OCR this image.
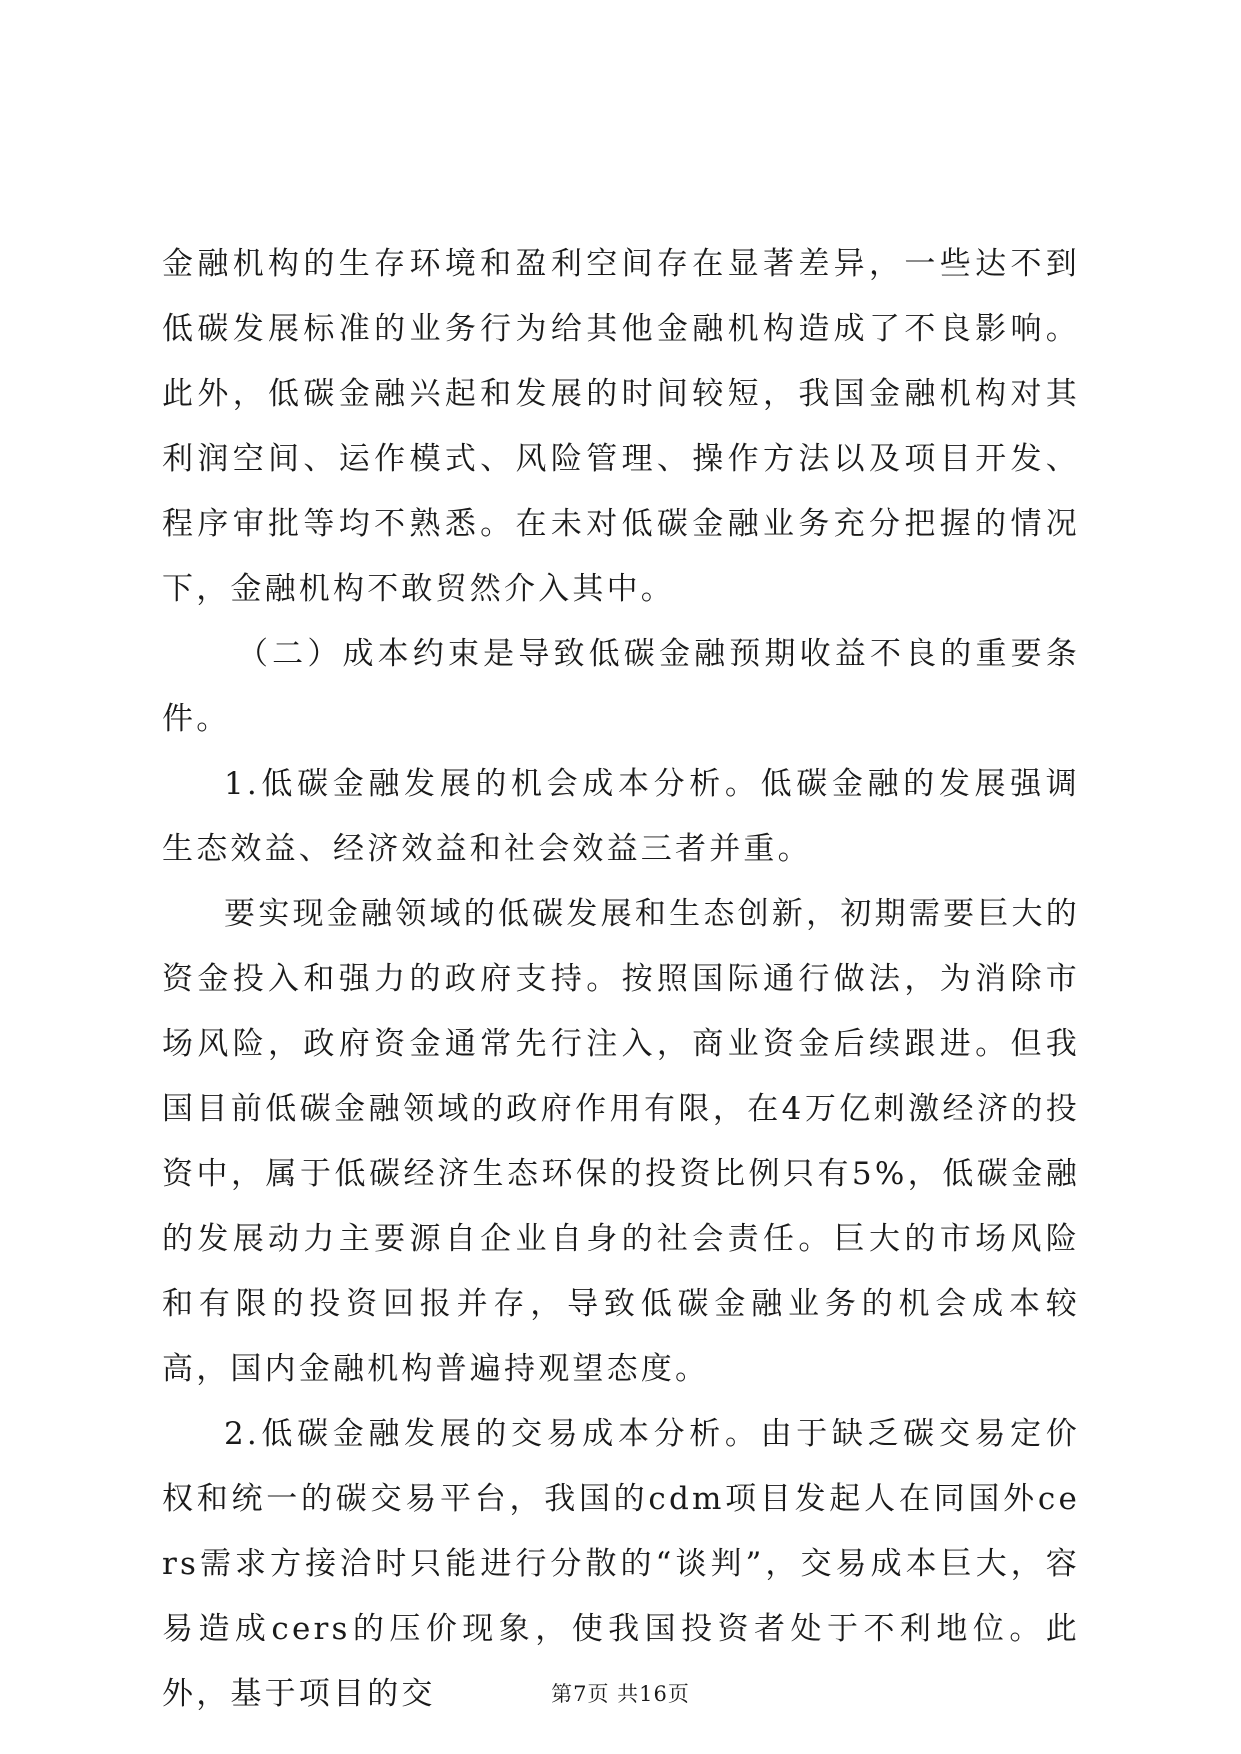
金融机构的生存环境和盈利空间存在显著差异，一些达不到低碳发展标准的业务行为给其他金融机构造成了不良影响。此外，低碳金融兴起和发展的时间较短，我国金融机构对其利润空间、运作模式、风险管理、操作方法以及项目开发、程序审批等均不熟悉。在未对低碳金融业务充分把握的情况下，金融机构不敢贸然介入其中。

（二）成本约束是导致低碳金融预期收益不良的重要条件。

1.低碳金融发展的机会成本分析。低碳金融的发展强调生态效益、经济效益和社会效益三者并重。

要实现金融领域的低碳发展和生态创新，初期需要巨大的资金投入和强力的政府支持。按照国际通行做法，为消除市场风险，政府资金通常先行注入，商业资金后续跟进。但我国目前低碳金融领域的政府作用有限，在4万亿刺激经济的投资中，属于低碳经济生态环保的投资比例只有5%，低碳金融的发展动力主要源自企业自身的社会责任。巨大的市场风险和有限的投资回报并存，导致低碳金融业务的机会成本较高，国内金融机构普遍持观望态度。

2.低碳金融发展的交易成本分析。由于缺乏碳交易定价权和统一的碳交易平台，我国的cdm项目发起人在同国外cers需求方接洽时只能进行分散的“谈判”，交易成本巨大，容易造成cers的压价现象，使我国投资者处于不利地位。此外，基于项目的交	第7页 共16页
